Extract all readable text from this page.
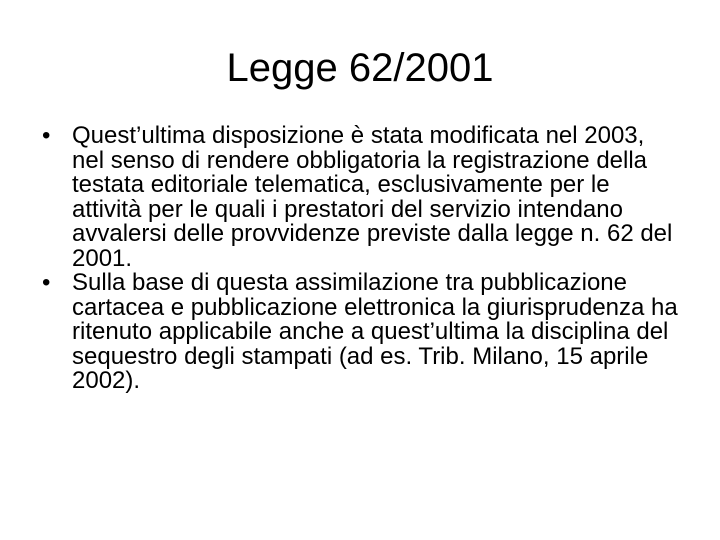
Legge 62/2001
• Quest’ultima disposizione è stata modificata nel 2003, nel senso di rendere obbligatoria la registrazione della testata editoriale telematica, esclusivamente per le attività per le quali i prestatori del servizio intendano avvalersi delle provvidenze previste dalla legge n. 62 del 2001.
• Sulla base di questa assimilazione tra pubblicazione cartacea e pubblicazione elettronica la giurisprudenza ha ritenuto applicabile anche a quest’ultima la disciplina del sequestro degli stampati (ad es. Trib. Milano, 15 aprile 2002).
